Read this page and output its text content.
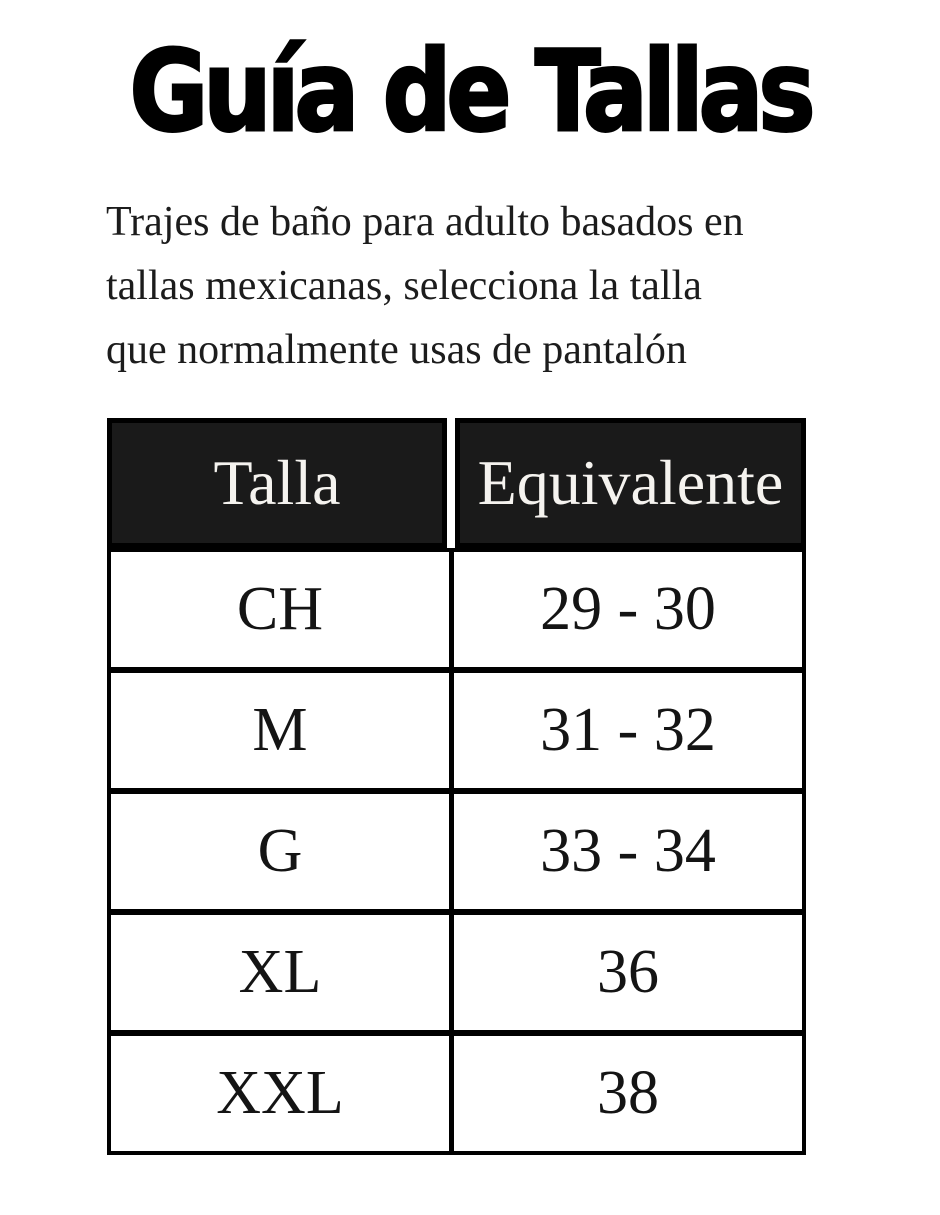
Guía de Tallas
Trajes de baño para adulto basados en
tallas mexicanas, selecciona la talla
que normalmente usas de pantalón
Talla	Equivalente
CH	29 - 30
M	31 - 32
G	33 - 34
XL	36
XXL	38
